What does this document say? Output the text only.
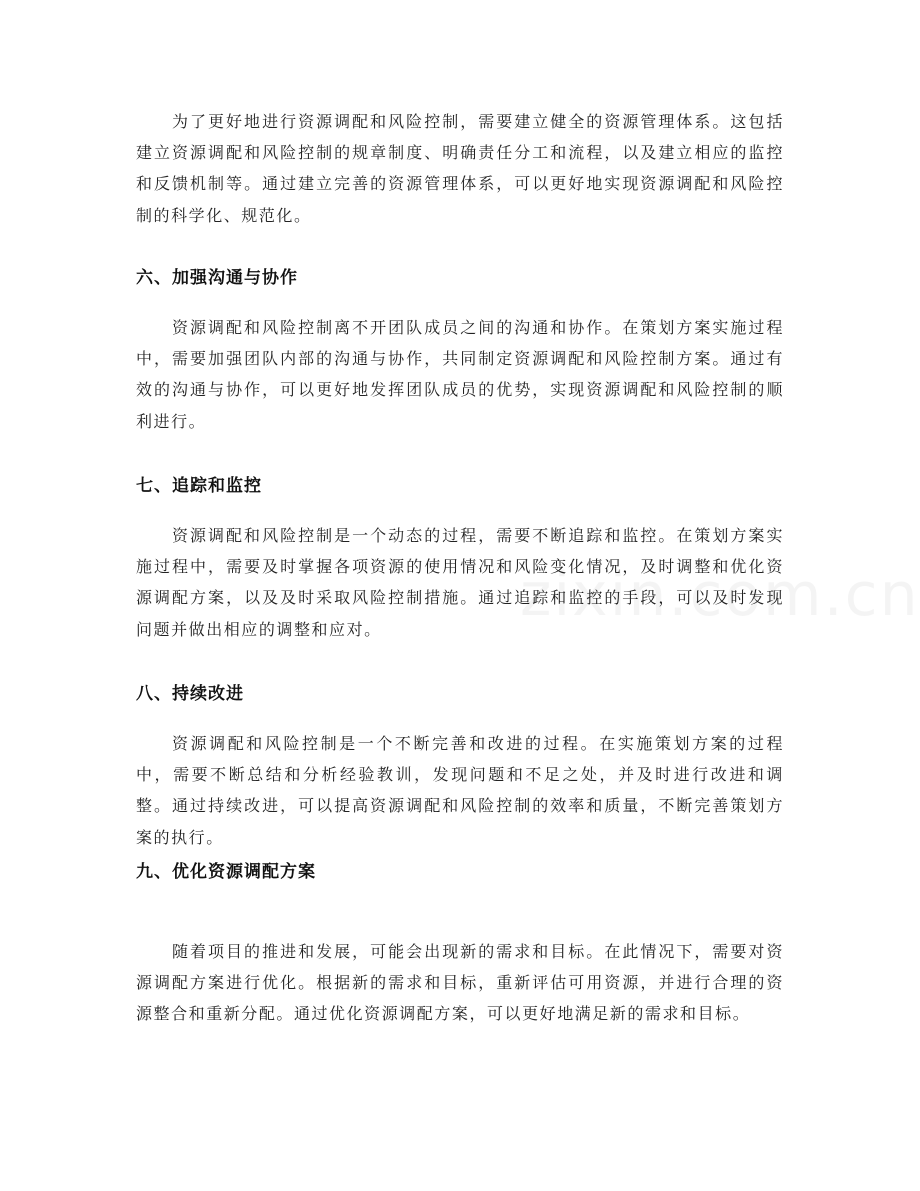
为了更好地进行资源调配和风险控制，需要建立健全的资源管理体系。这包括建立资源调配和风险控制的规章制度、明确责任分工和流程，以及建立相应的监控和反馈机制等。通过建立完善的资源管理体系，可以更好地实现资源调配和风险控制的科学化、规范化。

六、加强沟通与协作

资源调配和风险控制离不开团队成员之间的沟通和协作。在策划方案实施过程中，需要加强团队内部的沟通与协作，共同制定资源调配和风险控制方案。通过有效的沟通与协作，可以更好地发挥团队成员的优势，实现资源调配和风险控制的顺利进行。

七、追踪和监控

资源调配和风险控制是一个动态的过程，需要不断追踪和监控。在策划方案实施过程中，需要及时掌握各项资源的使用情况和风险变化情况，及时调整和优化资源调配方案，以及及时采取风险控制措施。通过追踪和监控的手段，可以及时发现问题并做出相应的调整和应对。

八、持续改进

资源调配和风险控制是一个不断完善和改进的过程。在实施策划方案的过程中，需要不断总结和分析经验教训，发现问题和不足之处，并及时进行改进和调整。通过持续改进，可以提高资源调配和风险控制的效率和质量，不断完善策划方案的执行。

九、优化资源调配方案

随着项目的推进和发展，可能会出现新的需求和目标。在此情况下，需要对资源调配方案进行优化。根据新的需求和目标，重新评估可用资源，并进行合理的资源整合和重新分配。通过优化资源调配方案，可以更好地满足新的需求和目标。
